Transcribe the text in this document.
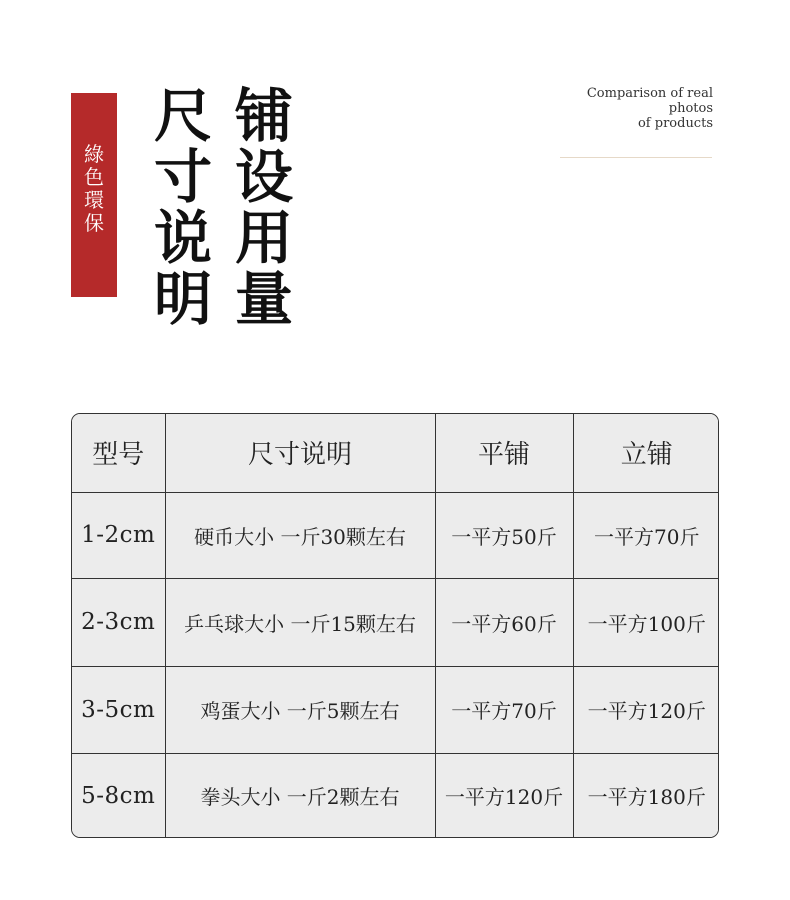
綠色環保
尺寸说明
铺设用量
Comparison of real
photos
of products
型号	尺寸说明	平铺	立铺
1-2cm	硬币大小 一斤30颗左右	一平方50斤	一平方70斤
2-3cm	乒乓球大小 一斤15颗左右	一平方60斤	一平方100斤
3-5cm	鸡蛋大小 一斤5颗左右	一平方70斤	一平方120斤
5-8cm	拳头大小 一斤2颗左右	一平方120斤	一平方180斤
